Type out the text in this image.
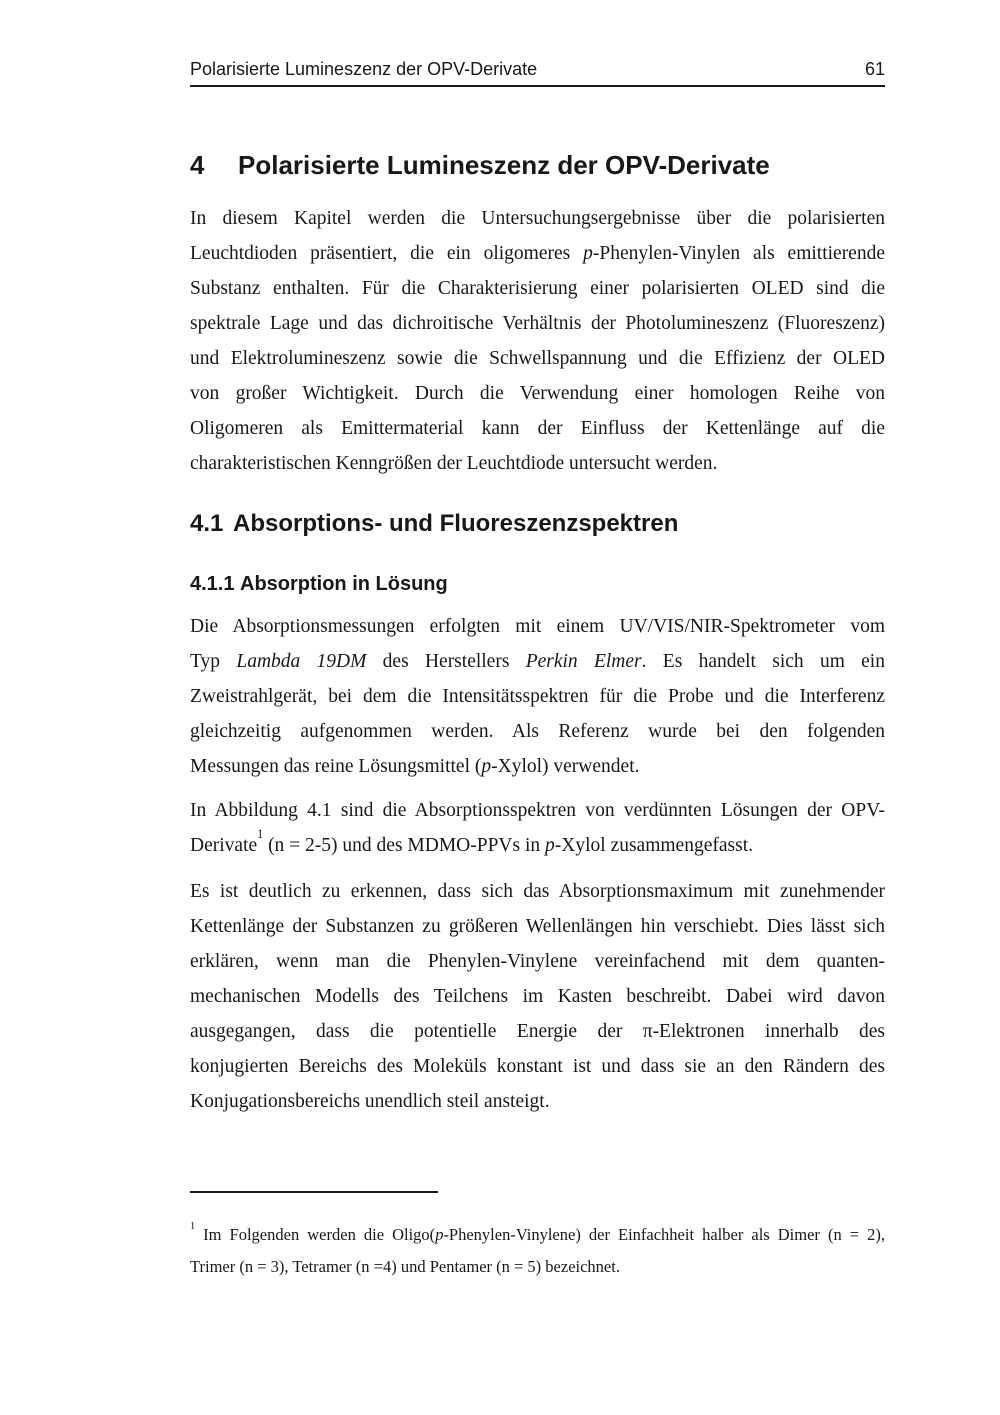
Polarisierte Lumineszenz der OPV-Derivate	61
4	Polarisierte Lumineszenz der OPV-Derivate
In diesem Kapitel werden die Untersuchungsergebnisse über die polarisierten
Leuchtdioden präsentiert, die ein oligomeres p-Phenylen-Vinylen als emittierende
Substanz enthalten. Für die Charakterisierung einer polarisierten OLED sind die
spektrale Lage und das dichroitische Verhältnis der Photolumineszenz (Fluoreszenz)
und Elektrolumineszenz sowie die Schwellspannung und die Effizienz der OLED
von großer Wichtigkeit. Durch die Verwendung einer homologen Reihe von
Oligomeren als Emittermaterial kann der Einfluss der Kettenlänge auf die
charakteristischen Kenngrößen der Leuchtdiode untersucht werden.
4.1 Absorptions- und Fluoreszenzspektren
4.1.1 Absorption in Lösung
Die Absorptionsmessungen erfolgten mit einem UV/VIS/NIR-Spektrometer vom
Typ Lambda 19DM des Herstellers Perkin Elmer. Es handelt sich um ein
Zweistrahlgerät, bei dem die Intensitätsspektren für die Probe und die Interferenz
gleichzeitig aufgenommen werden. Als Referenz wurde bei den folgenden
Messungen das reine Lösungsmittel (p-Xylol) verwendet.
In Abbildung 4.1 sind die Absorptionsspektren von verdünnten Lösungen der OPV-
Derivate$^1$ (n = 2-5) und des MDMO-PPVs in p-Xylol zusammengefasst.
Es ist deutlich zu erkennen, dass sich das Absorptionsmaximum mit zunehmender
Kettenlänge der Substanzen zu größeren Wellenlängen hin verschiebt. Dies lässt sich
erklären, wenn man die Phenylen-Vinylene vereinfachend mit dem quanten-
mechanischen Modells des Teilchens im Kasten beschreibt. Dabei wird davon
ausgegangen, dass die potentielle Energie der π-Elektronen innerhalb des
konjugierten Bereichs des Moleküls konstant ist und dass sie an den Rändern des
Konjugationsbereichs unendlich steil ansteigt.
$^1$ Im Folgenden werden die Oligo(p-Phenylen-Vinylene) der Einfachheit halber als Dimer (n = 2),
Trimer (n = 3), Tetramer (n =4) und Pentamer (n = 5) bezeichnet.
